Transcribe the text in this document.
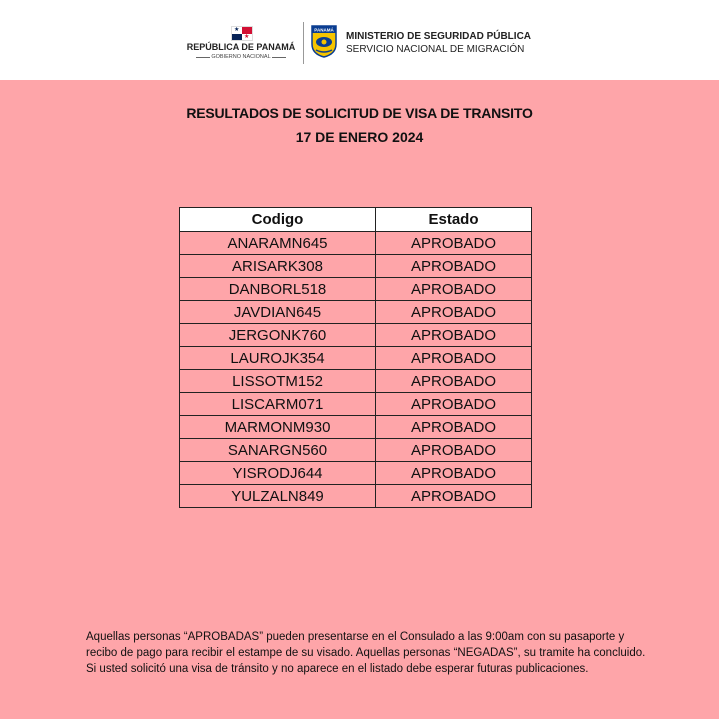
★
★
REPÚBLICA DE PANAMÁ
GOBIERNO NACIONAL
PANAMÁ
MINISTERIO DE SEGURIDAD PÚBLICA
SERVICIO NACIONAL DE MIGRACIÓN
RESULTADOS DE SOLICITUD DE VISA DE TRANSITO
17 DE ENERO 2024
Codigo	Estado
ANARAMN645	APROBADO
ARISARK308	APROBADO
DANBORL518	APROBADO
JAVDIAN645	APROBADO
JERGONK760	APROBADO
LAUROJK354	APROBADO
LISSOTM152	APROBADO
LISCARM071	APROBADO
MARMONM930	APROBADO
SANARGN560	APROBADO
YISRODJ644	APROBADO
YULZALN849	APROBADO
Aquellas personas “APROBADAS” pueden presentarse en el Consulado a las 9:00am con su pasaporte y recibo de pago para recibir el estampe de su visado. Aquellas personas “NEGADAS”, su tramite ha concluido. Si usted solicitó una visa de tránsito y no aparece en el listado debe esperar futuras publicaciones.
